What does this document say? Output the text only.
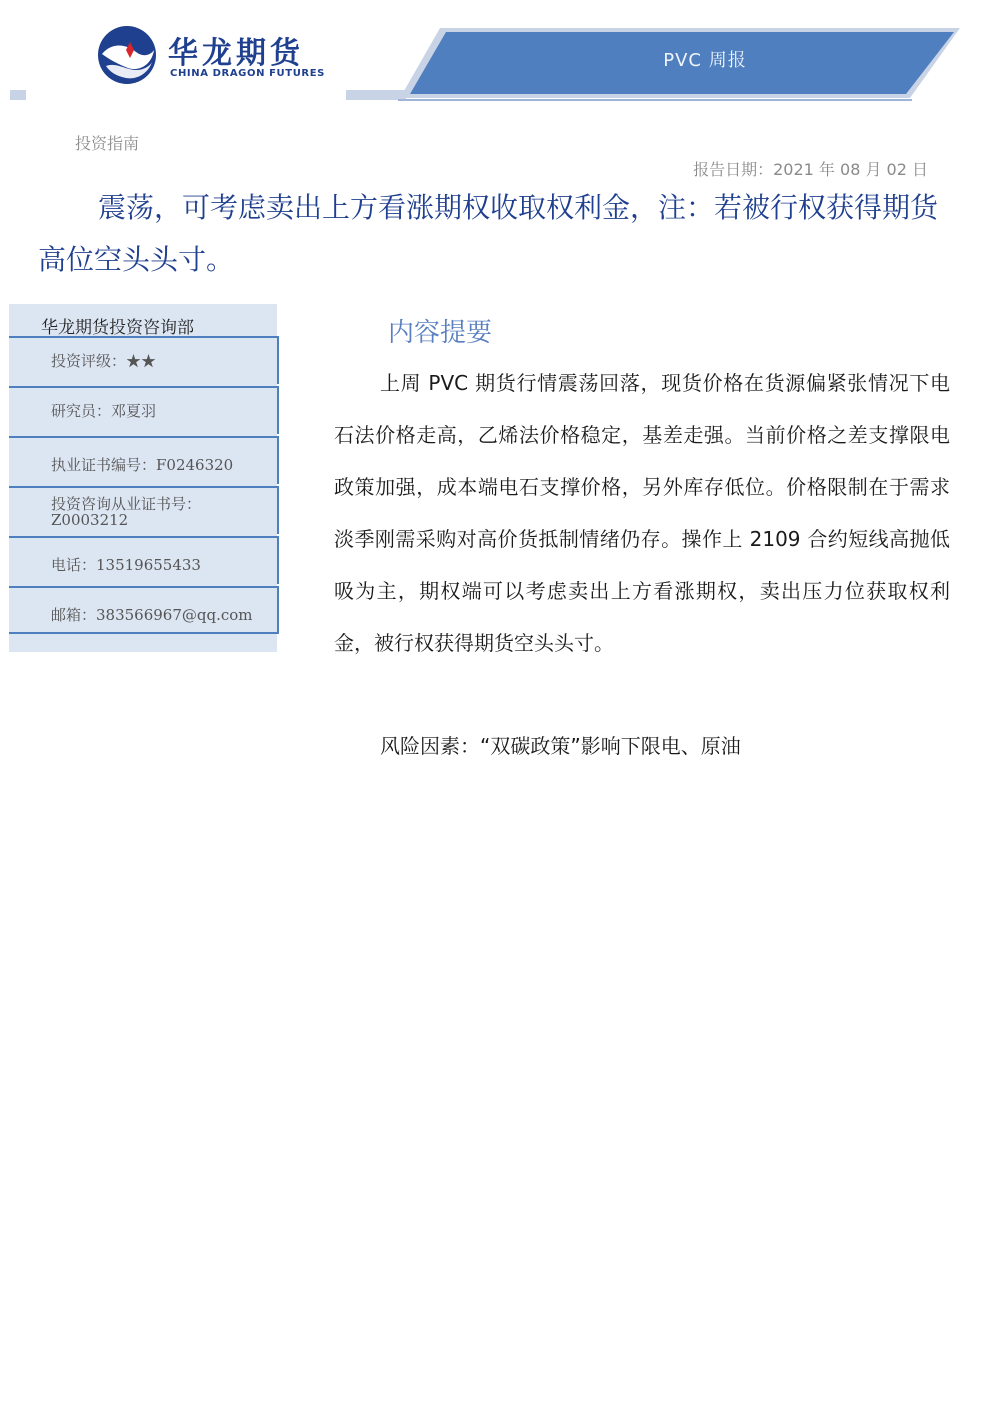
华龙期货
CHINA DRAGON FUTURES
PVC 周报
投资指南
报告日期：2021 年 08 月 02 日
震荡，可考虑卖出上方看涨期权收取权利金，注：若被行权获得期货高位空头头寸。
华龙期货投资咨询部
投资评级：★★
研究员：邓夏羽
执业证书编号：F0246320
投资咨询从业证书号：Z0003212
电话：13519655433
邮箱：383566967@qq.com
内容提要
上周 PVC 期货行情震荡回落，现货价格在货源偏紧张情况下电石法价格走高，乙烯法价格稳定，基差走强。当前价格之差支撑限电政策加强，成本端电石支撑价格，另外库存低位。价格限制在于需求淡季刚需采购对高价货抵制情绪仍存。操作上 2109 合约短线高抛低吸为主，期权端可以考虑卖出上方看涨期权，卖出压力位获取权利金，被行权获得期货空头头寸。
风险因素：“双碳政策”影响下限电、原油
